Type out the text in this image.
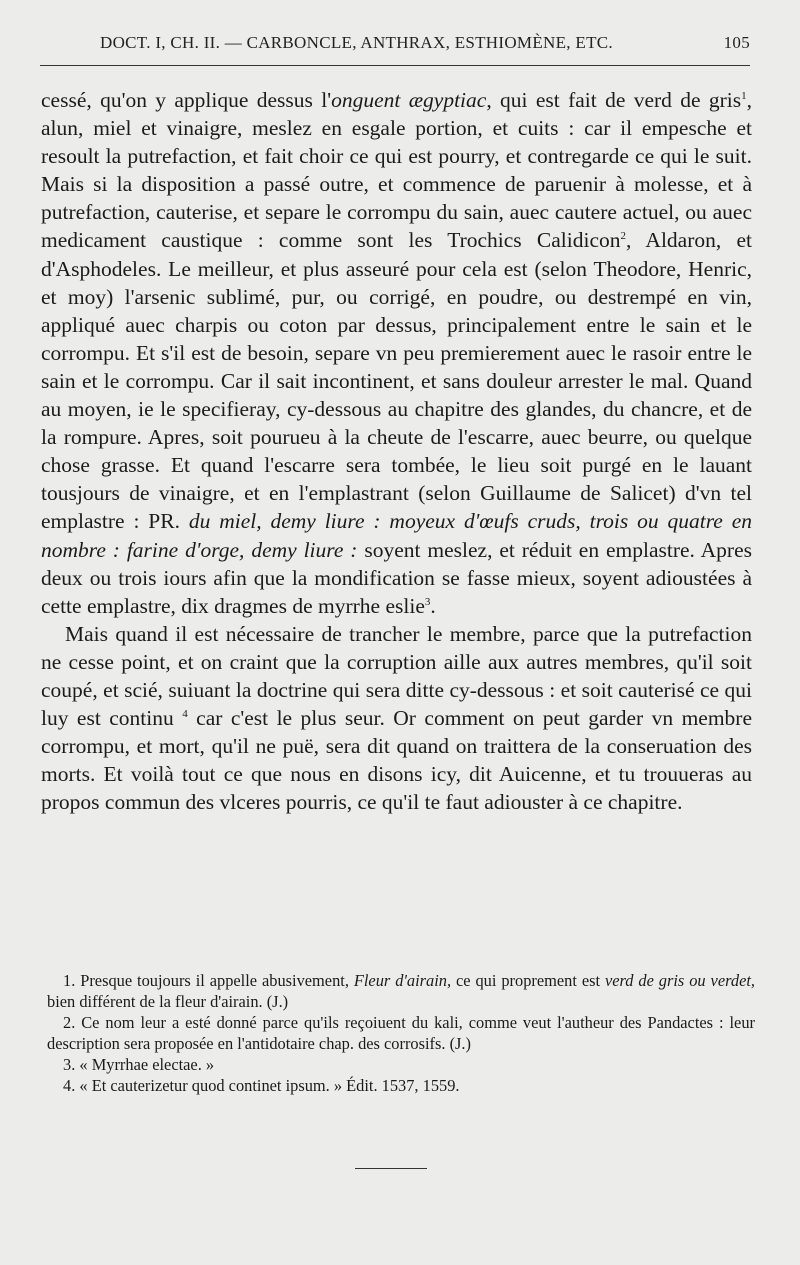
DOCT. I, CH. II. — CARBONCLE, ANTHRAX, ESTHIOMÈNE, ETC.	105

cessé, qu'on y applique dessus l'onguent ægyptiac, qui est fait de verd de gris$^1$, alun, miel et vinaigre, meslez en esgale portion, et cuits : car il empesche et resoult la putrefaction, et fait choir ce qui est pourry, et contregarde ce qui le suit. Mais si la disposition a passé outre, et commence de paruenir à molesse, et à putrefaction, cauterise, et separe le corrompu du sain, auec cautere actuel, ou auec medicament caustique : comme sont les Trochics Calidicon$^2$, Aldaron, et d'Asphodeles. Le meilleur, et plus asseuré pour cela est (selon Theodore, Henric, et moy) l'arsenic sublimé, pur, ou corrigé, en poudre, ou destrempé en vin, appliqué auec charpis ou coton par dessus, principalement entre le sain et le corrompu. Et s'il est de besoin, separe vn peu premierement auec le rasoir entre le sain et le corrompu. Car il sait incontinent, et sans douleur arrester le mal. Quand au moyen, ie le specifieray, cy-dessous au chapitre des glandes, du chancre, et de la rompure. Apres, soit pourueu à la cheute de l'escarre, auec beurre, ou quelque chose grasse. Et quand l'escarre sera tombée, le lieu soit purgé en le lauant tousjours de vinaigre, et en l'emplastrant (selon Guillaume de Salicet) d'vn tel emplastre : PR. du miel, demy liure : moyeux d'œufs cruds, trois ou quatre en nombre : farine d'orge, demy liure : soyent meslez, et réduit en emplastre. Apres deux ou trois iours afin que la mondification se fasse mieux, soyent adioustées à cette emplastre, dix dragmes de myrrhe eslie$^3$.

Mais quand il est nécessaire de trancher le membre, parce que la putrefaction ne cesse point, et on craint que la corruption aille aux autres membres, qu'il soit coupé, et scié, suiuant la doctrine qui sera ditte cy-dessous : et soit cauterisé ce qui luy est continu $^4$ car c'est le plus seur. Or comment on peut garder vn membre corrompu, et mort, qu'il ne puë, sera dit quand on traittera de la conseruation des morts. Et voilà tout ce que nous en disons icy, dit Auicenne, et tu trouueras au propos commun des vlceres pourris, ce qu'il te faut adiouster à ce chapitre.

1. Presque toujours il appelle abusivement, Fleur d'airain, ce qui proprement est verd de gris ou verdet, bien différent de la fleur d'airain. (J.)

2. Ce nom leur a esté donné parce qu'ils reçoiuent du kali, comme veut l'autheur des Pandactes : leur description sera proposée en l'antidotaire chap. des corrosifs. (J.)

3. « Myrrhae electae. »

4. « Et cauterizetur quod continet ipsum. » Édit. 1537, 1559.
